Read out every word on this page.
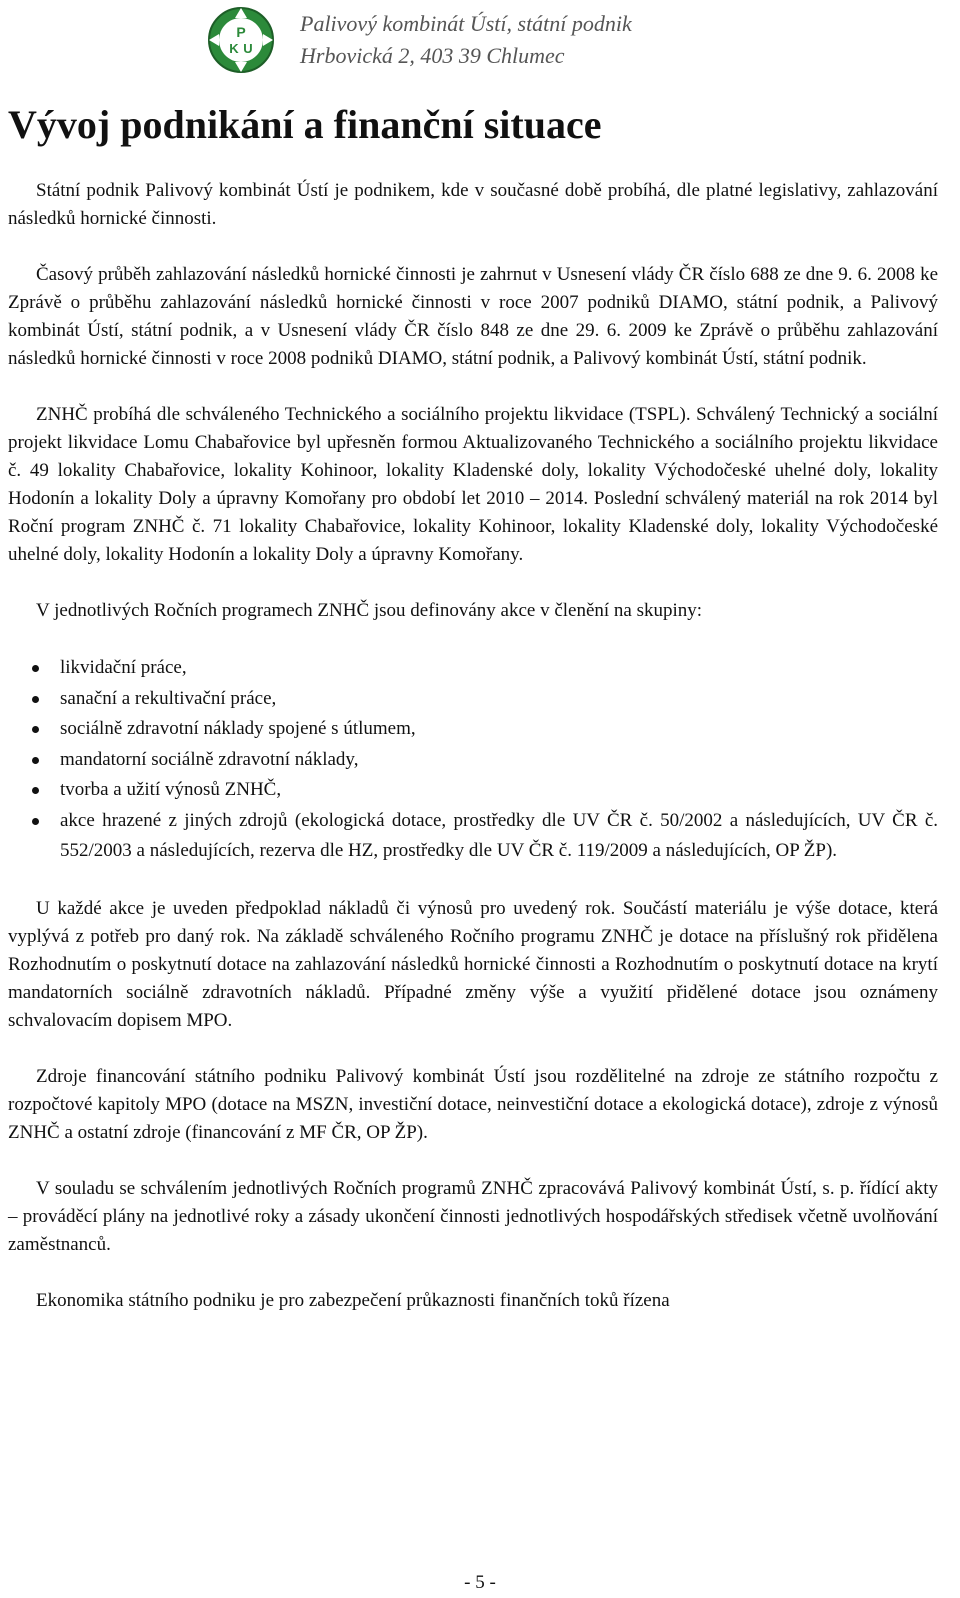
P
K U
Palivový kombinát Ústí, státní podnik
Hrbovická 2, 403 39 Chlumec
Vývoj podnikání a finanční situace

Státní podnik Palivový kombinát Ústí je podnikem, kde v současné době probíhá, dle platné legislativy, zahlazování následků hornické činnosti.

Časový průběh zahlazování následků hornické činnosti je zahrnut v Usnesení vlády ČR číslo 688 ze dne 9. 6. 2008 ke Zprávě o průběhu zahlazování následků hornické činnosti v roce 2007 podniků DIAMO, státní podnik, a Palivový kombinát Ústí, státní podnik, a v Usnesení vlády ČR číslo 848 ze dne 29. 6. 2009 ke Zprávě o průběhu zahlazování následků hornické činnosti v roce 2008 podniků DIAMO, státní podnik, a Palivový kombinát Ústí, státní podnik.

ZNHČ probíhá dle schváleného Technického a sociálního projektu likvidace (TSPL). Schválený Technický a sociální projekt likvidace Lomu Chabařovice byl upřesněn formou Aktualizovaného Technického a sociálního projektu likvidace č. 49 lokality Chabařovice, lokality Kohinoor, lokality Kladenské doly, lokality Východočeské uhelné doly, lokality Hodonín a lokality Doly a úpravny Komořany pro období let 2010 – 2014. Poslední schválený materiál na rok 2014 byl Roční program ZNHČ č. 71 lokality Chabařovice, lokality Kohinoor, lokality Kladenské doly, lokality Východočeské uhelné doly, lokality Hodonín a lokality Doly a úpravny Komořany.

V jednotlivých Ročních programech ZNHČ jsou definovány akce v členění na skupiny:

likvidační práce,
sanační a rekultivační práce,
sociálně zdravotní náklady spojené s útlumem,
mandatorní sociálně zdravotní náklady,
tvorba a užití výnosů ZNHČ,
akce hrazené z jiných zdrojů (ekologická dotace, prostředky dle UV ČR č. 50/2002 a následujících, UV ČR č. 552/2003 a následujících, rezerva dle HZ, prostředky dle UV ČR č. 119/2009 a následujících, OP ŽP).

U každé akce je uveden předpoklad nákladů či výnosů pro uvedený rok. Součástí materiálu je výše dotace, která vyplývá z potřeb pro daný rok. Na základě schváleného Ročního programu ZNHČ je dotace na příslušný rok přidělena Rozhodnutím o poskytnutí dotace na zahlazování následků hornické činnosti a Rozhodnutím o poskytnutí dotace na krytí mandatorních sociálně zdravotních nákladů. Případné změny výše a využití přidělené dotace jsou oznámeny schvalovacím dopisem MPO.

Zdroje financování státního podniku Palivový kombinát Ústí jsou rozdělitelné na zdroje ze státního rozpočtu z rozpočtové kapitoly MPO (dotace na MSZN, investiční dotace, neinvestiční dotace a ekologická dotace), zdroje z výnosů ZNHČ a ostatní zdroje (financování z MF ČR, OP ŽP).

V souladu se schválením jednotlivých Ročních programů ZNHČ zpracovává Palivový kombinát Ústí, s. p. řídící akty – prováděcí plány na jednotlivé roky a zásady ukončení činnosti jednotlivých hospodářských středisek včetně uvolňování zaměstnanců.

Ekonomika státního podniku je pro zabezpečení průkaznosti finančních toků řízena

- 5 -
